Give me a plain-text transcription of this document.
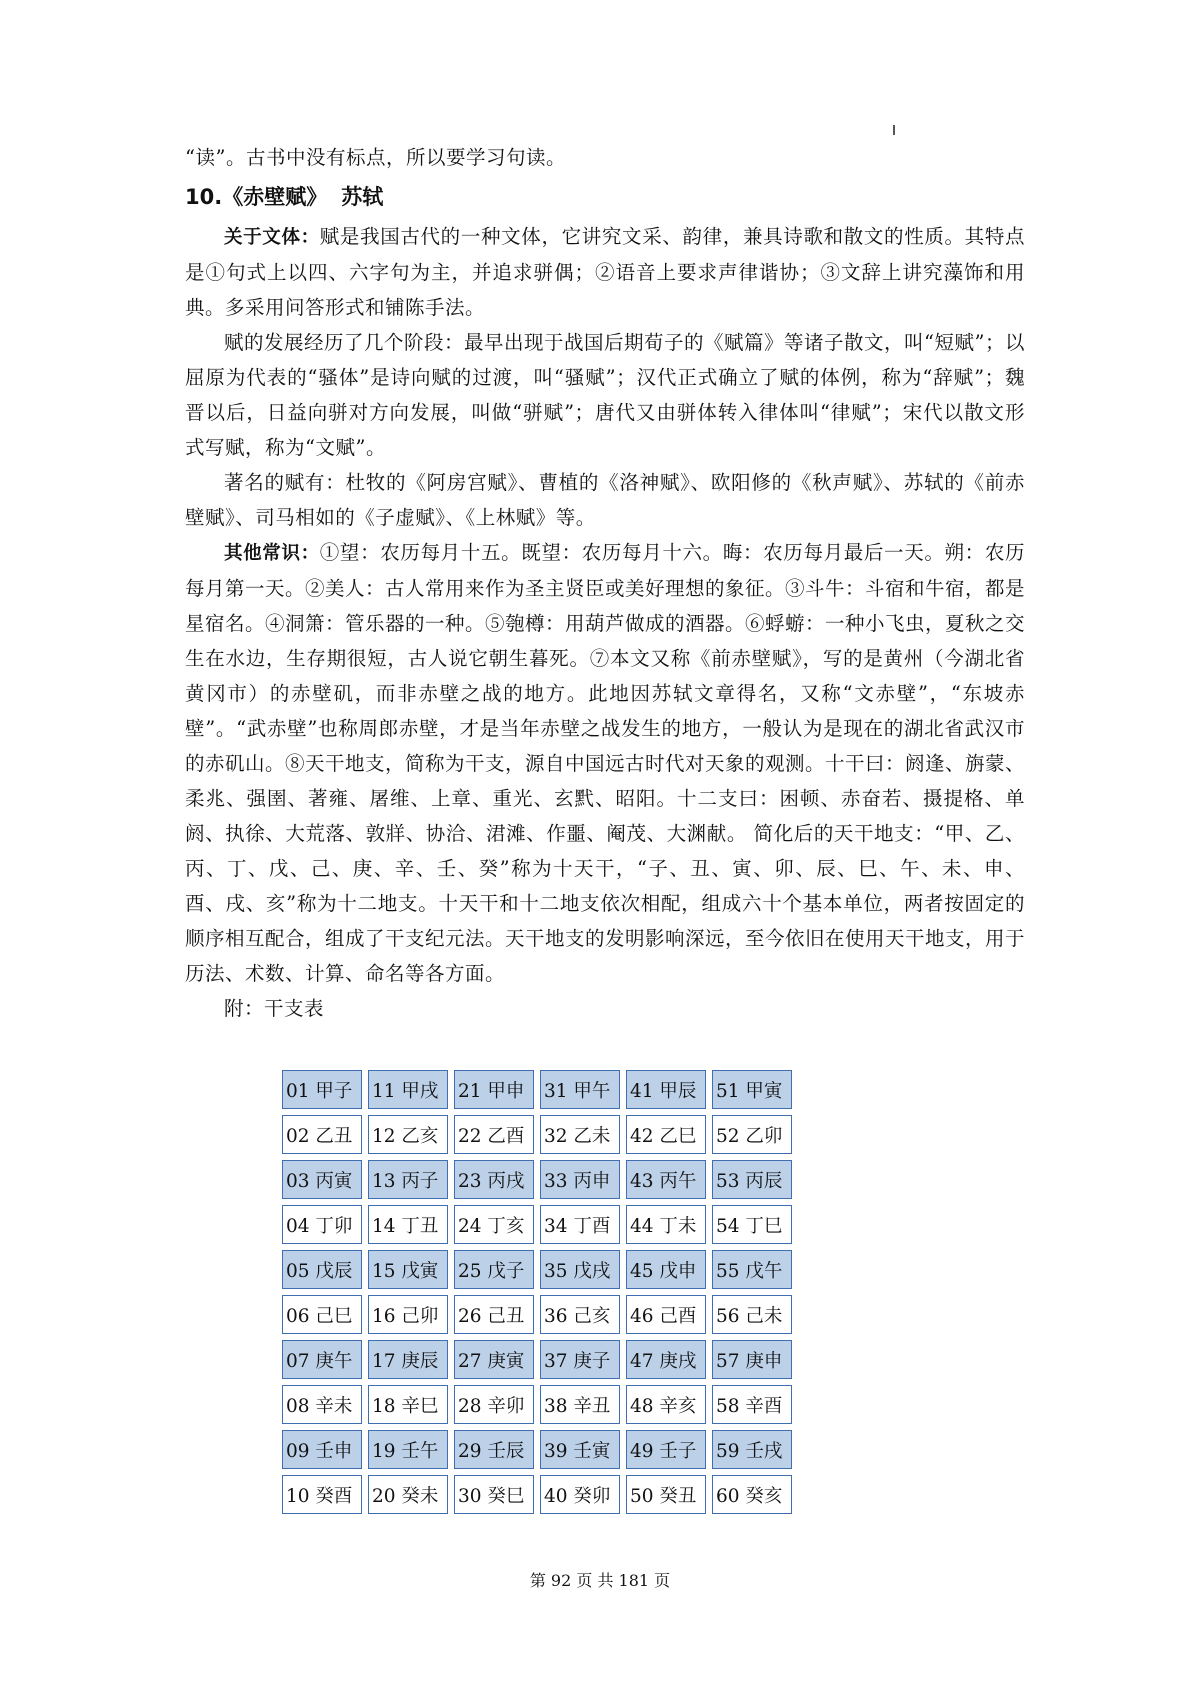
“读”。古书中没有标点，所以要学习句读。

10.《赤壁赋》 苏轼

关于文体：赋是我国古代的一种文体，它讲究文采、韵律，兼具诗歌和散文的性质。其特点是①句式上以四、六字句为主，并追求骈偶；②语音上要求声律谐协；③文辞上讲究藻饰和用典。多采用问答形式和铺陈手法。

赋的发展经历了几个阶段：最早出现于战国后期荀子的《赋篇》等诸子散文，叫“短赋”；以屈原为代表的“骚体”是诗向赋的过渡，叫“骚赋”；汉代正式确立了赋的体例，称为“辞赋”；魏晋以后，日益向骈对方向发展，叫做“骈赋”；唐代又由骈体转入律体叫“律赋”；宋代以散文形式写赋，称为“文赋”。

著名的赋有：杜牧的《阿房宫赋》、曹植的《洛神赋》、欧阳修的《秋声赋》、苏轼的《前赤壁赋》、司马相如的《子虚赋》、《上林赋》等。

其他常识：①望：农历每月十五。既望：农历每月十六。晦：农历每月最后一天。朔：农历每月第一天。②美人：古人常用来作为圣主贤臣或美好理想的象征。③斗牛：斗宿和牛宿，都是星宿名。④洞箫：管乐器的一种。⑤匏樽：用葫芦做成的酒器。⑥蜉蝣：一种小飞虫，夏秋之交生在水边，生存期很短，古人说它朝生暮死。⑦本文又称《前赤壁赋》，写的是黄州（今湖北省黄冈市）的赤壁矶，而非赤壁之战的地方。此地因苏轼文章得名，又称“文赤壁”，“东坡赤壁”。“武赤壁”也称周郎赤壁，才是当年赤壁之战发生的地方，一般认为是现在的湖北省武汉市的赤矶山。⑧天干地支，简称为干支，源自中国远古时代对天象的观测。十干曰：阏逢、旃蒙、柔兆、强圉、著雍、屠维、上章、重光、玄黓、昭阳。十二支曰：困顿、赤奋若、摄提格、单阏、执徐、大荒落、敦牂、协洽、涒滩、作噩、阉茂、大渊献。 简化后的天干地支：“甲、乙、丙、丁、戊、己、庚、辛、壬、癸”称为十天干，“子、丑、寅、卯、辰、巳、午、未、申、酉、戌、亥”称为十二地支。十天干和十二地支依次相配，组成六十个基本单位，两者按固定的顺序相互配合，组成了干支纪元法。天干地支的发明影响深远，至今依旧在使用天干地支，用于历法、术数、计算、命名等各方面。

附：干支表

01 甲子	11 甲戌	21 甲申	31 甲午	41 甲辰	51 甲寅
02 乙丑	12 乙亥	22 乙酉	32 乙未	42 乙巳	52 乙卯
03 丙寅	13 丙子	23 丙戌	33 丙申	43 丙午	53 丙辰
04 丁卯	14 丁丑	24 丁亥	34 丁酉	44 丁未	54 丁巳
05 戊辰	15 戊寅	25 戊子	35 戊戌	45 戊申	55 戊午
06 己巳	16 己卯	26 己丑	36 己亥	46 己酉	56 己未
07 庚午	17 庚辰	27 庚寅	37 庚子	47 庚戌	57 庚申
08 辛未	18 辛巳	28 辛卯	38 辛丑	48 辛亥	58 辛酉
09 壬申	19 壬午	29 壬辰	39 壬寅	49 壬子	59 壬戌
10 癸酉	20 癸未	30 癸巳	40 癸卯	50 癸丑	60 癸亥
第 92 页 共 181 页
